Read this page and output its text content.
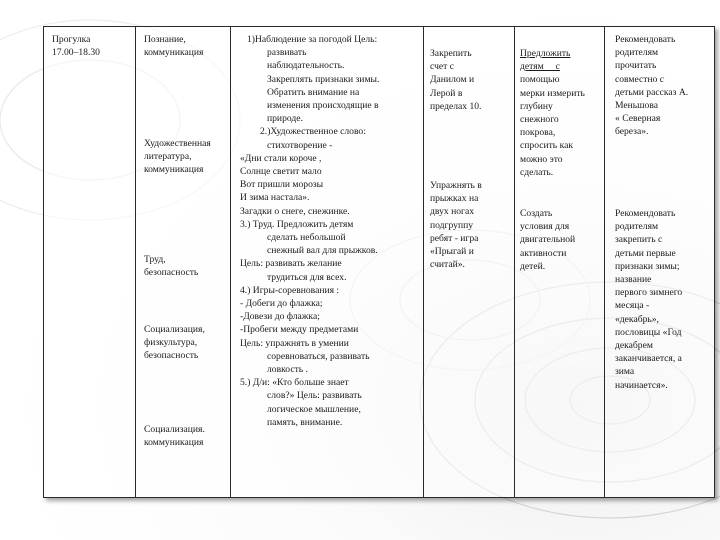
Прогулка
17.00–18.30
Познание,
коммуникация
Художественная
литература,
коммуникация
Труд,
безопасность
Социализация,
физкультура,
безопасность
Социализация.
коммуникация
1)Наблюдение за погодой Цель:
развивать
наблюдательность.
Закреплять признаки зимы.
Обратить внимание на
изменения происходящие в
природе.
2.)Художественное слово:
стихотворение -
«Дни стали короче ,
Солнце светит мало
Вот пришли морозы
И зима настала».
Загадки о снеге, снежинке.
3.) Труд. Предложить детям
сделать небольшой
снежный вал для прыжков.
Цель: развивать желание
трудиться для всех.
4.) Игры-соревнования :
- Добеги до флажка;
-Довези до флажка;
-Пробеги между предметами
Цель: упражнять в умении
соревноваться, развивать
ловкость .
5.) Д/и: «Кто больше знает
слов?» Цель: развивать
логическое мышление,
память, внимание.
Закрепить
счет с
Данилом и
Лерой в
пределах 10.
Упражнять в
прыжках на
двух ногах
подгруппу
ребят - игра
«Прыгай и
считай».
Предложить
детям     с
помощью
мерки измерить
глубину
снежного
покрова,
спросить как
можно это
сделать.
Создать
условия для
двигательной
активности
детей.
Рекомендовать
родителям
прочитать
совместно с
детьми рассказ А.
Меньшова
« Северная
береза».
Рекомендовать
родителям
закрепить с
детьми первые
признаки зимы;
название
первого зимнего
месяца -
«декабрь»,
пословицы «Год
декабрем
заканчивается, а
зима
начинается».
